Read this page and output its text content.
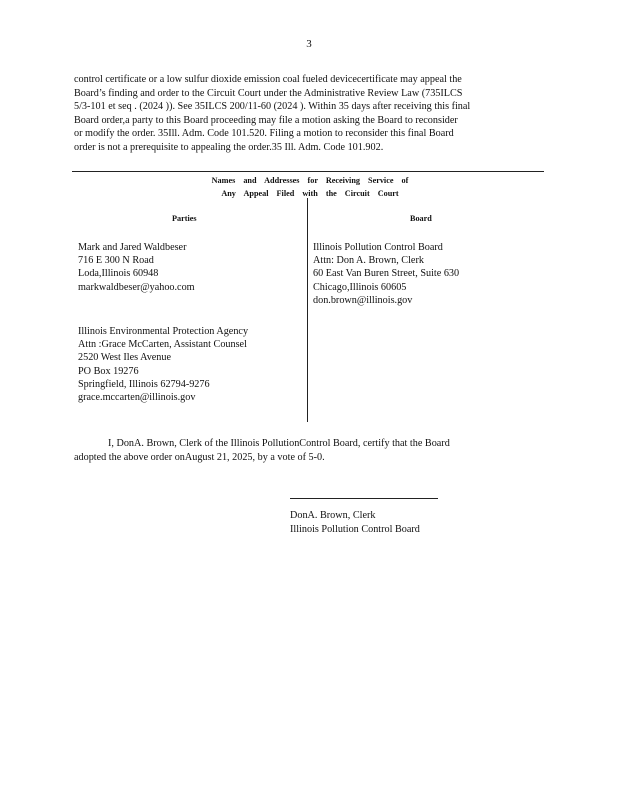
3
control certificate or a low sulfur dioxide emission coal fueled devicecertificate may appeal the
Board’s finding and order to the Circuit Court under the Administrative Review Law (735ILCS
5/3-101 et seq . (2024 )). See 35ILCS 200/11-60 (2024 ). Within 35 days after receiving this final
Board order,a party to this Board proceeding may file a motion asking the Board to reconsider
or modify the order. 35Ill. Adm. Code 101.520. Filing a motion to reconsider this final Board
order is not a prerequisite to appealing the order.35 Ill. Adm. Code 101.902.
Names and Addresses for Receiving Service of
Any Appeal Filed with the Circuit Court
Parties	Board
Mark and Jared Waldbeser
716 E 300 N Road
Loda,Illinois 60948
markwaldbeser@yahoo.com
Illinois Environmental Protection Agency
Attn :Grace McCarten, Assistant Counsel
2520 West Iles Avenue
PO Box 19276
Springfield, Illinois 62794-9276
grace.mccarten@illinois.gov
Illinois Pollution Control Board
Attn: Don A. Brown, Clerk
60 East Van Buren Street, Suite 630
Chicago,Illinois 60605
don.brown@illinois.gov
I, DonA. Brown, Clerk of the Illinois PollutionControl Board, certify that the Board
adopted the above order onAugust 21, 2025, by a vote of 5-0.
DonA. Brown, Clerk
Illinois Pollution Control Board
